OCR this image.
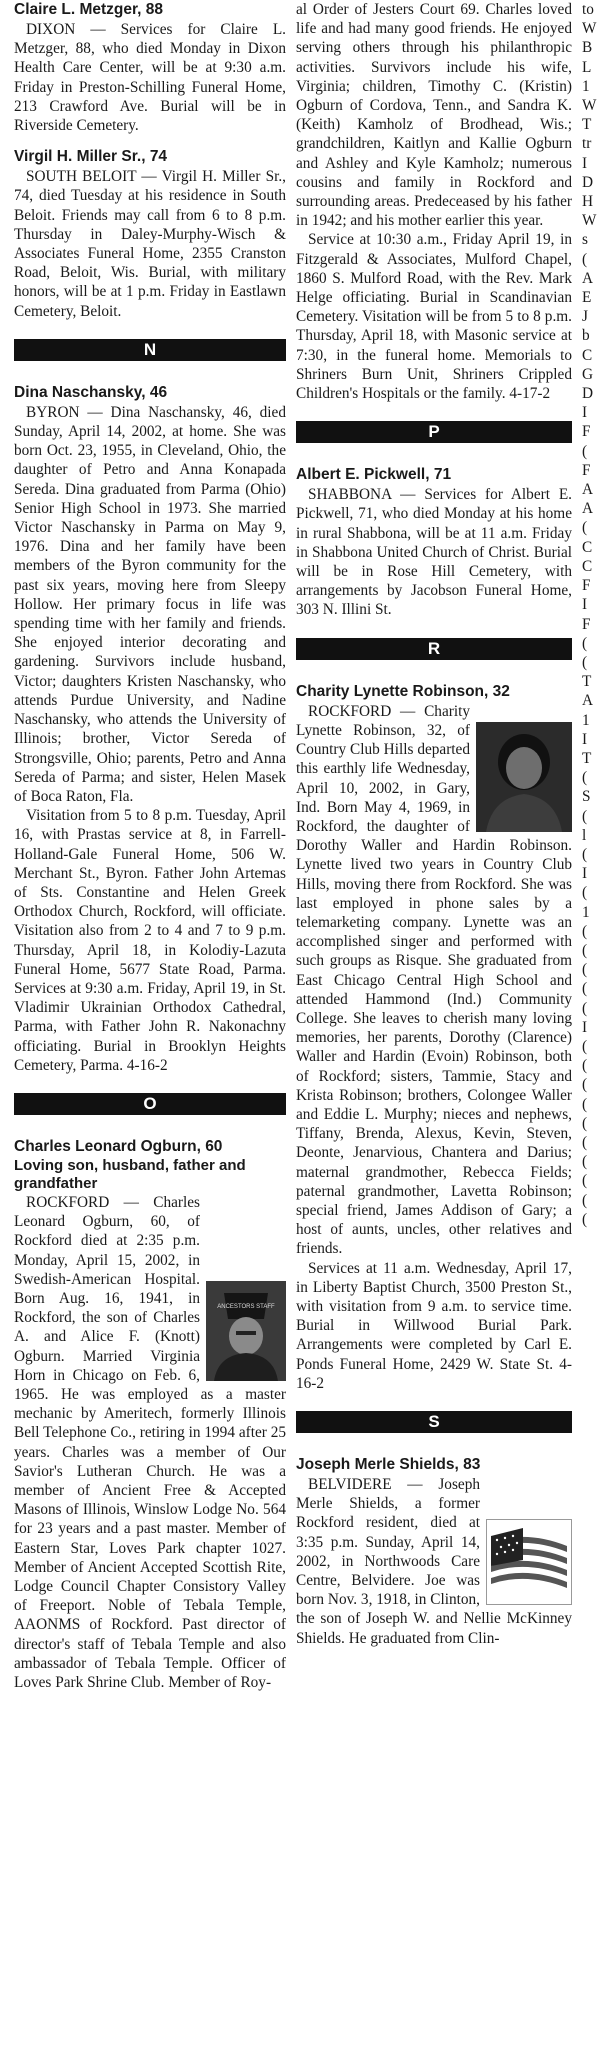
Claire L. Metzger, 88

DIXON — Services for Claire L. Metzger, 88, who died Monday in Dixon Health Care Center, will be at 9:30 a.m. Friday in Preston-Schilling Funeral Home, 213 Crawford Ave. Burial will be in Riverside Cemetery.

Virgil H. Miller Sr., 74

SOUTH BELOIT — Virgil H. Miller Sr., 74, died Tuesday at his residence in South Beloit. Friends may call from 6 to 8 p.m. Thursday in Daley-Murphy-Wisch & Associates Funeral Home, 2355 Cranston Road, Beloit, Wis. Burial, with military honors, will be at 1 p.m. Friday in Eastlawn Cemetery, Beloit.

N
Dina Naschansky, 46

BYRON — Dina Naschansky, 46, died Sunday, April 14, 2002, at home. She was born Oct. 23, 1955, in Cleveland, Ohio, the daughter of Petro and Anna Konapada Sereda. Dina graduated from Parma (Ohio) Senior High School in 1973. She married Victor Naschansky in Parma on May 9, 1976. Dina and her family have been members of the Byron community for the past six years, moving here from Sleepy Hollow. Her primary focus in life was spending time with her family and friends. She enjoyed interior decorating and gardening. Survivors include husband, Victor; daughters Kristen Naschansky, who attends Purdue University, and Nadine Naschansky, who attends the University of Illinois; brother, Victor Sereda of Strongsville, Ohio; parents, Petro and Anna Sereda of Parma; and sister, Helen Masek of Boca Raton, Fla.

Visitation from 5 to 8 p.m. Tuesday, April 16, with Prastas service at 8, in Farrell-Holland-Gale Funeral Home, 506 W. Merchant St., Byron. Father John Artemas of Sts. Constantine and Helen Greek Orthodox Church, Rockford, will officiate. Visitation also from 2 to 4 and 7 to 9 p.m. Thursday, April 18, in Kolodiy-Lazuta Funeral Home, 5677 State Road, Parma. Services at 9:30 a.m. Friday, April 19, in St. Vladimir Ukrainian Orthodox Cathedral, Parma, with Father John R. Nakonachny officiating. Burial in Brooklyn Heights Cemetery, Parma. 4-16-2

O
Charles Leonard Ogburn, 60
Loving son, husband, father and grandfather
ANCESTORS STAFF

ROCKFORD — Charles Leonard Ogburn, 60, of Rockford died at 2:35 p.m. Monday, April 15, 2002, in Swedish-American Hospital. Born Aug. 16, 1941, in Rockford, the son of Charles A. and Alice F. (Knott) Ogburn. Married Virginia Horn in Chicago on Feb. 6, 1965. He was employed as a master mechanic by Ameritech, formerly Illinois Bell Telephone Co., retiring in 1994 after 25 years. Charles was a member of Our Savior's Lutheran Church. He was a member of Ancient Free & Accepted Masons of Illinois, Winslow Lodge No. 564 for 23 years and a past master. Member of Eastern Star, Loves Park chapter 1027. Member of Ancient Accepted Scottish Rite, Lodge Council Chapter Consistory Valley of Freeport. Noble of Tebala Temple, AAONMS of Rockford. Past director of director's staff of Tebala Temple and also ambassador of Tebala Temple. Officer of Loves Park Shrine Club. Member of Roy-

al Order of Jesters Court 69. Charles loved life and had many good friends. He enjoyed serving others through his philanthropic activities. Survivors include his wife, Virginia; children, Timothy C. (Kristin) Ogburn of Cordova, Tenn., and Sandra K. (Keith) Kamholz of Brodhead, Wis.; grandchildren, Kaitlyn and Kallie Ogburn and Ashley and Kyle Kamholz; numerous cousins and family in Rockford and surrounding areas. Predeceased by his father in 1942; and his mother earlier this year.

Service at 10:30 a.m., Friday April 19, in Fitzgerald & Associates, Mulford Chapel, 1860 S. Mulford Road, with the Rev. Mark Helge officiating. Burial in Scandinavian Cemetery. Visitation will be from 5 to 8 p.m. Thursday, April 18, with Masonic service at 7:30, in the funeral home. Memorials to Shriners Burn Unit, Shriners Crippled Children's Hospitals or the family. 4-17-2

P
Albert E. Pickwell, 71

SHABBONA — Services for Albert E. Pickwell, 71, who died Monday at his home in rural Shabbona, will be at 11 a.m. Friday in Shabbona United Church of Christ. Burial will be in Rose Hill Cemetery, with arrangements by Jacobson Funeral Home, 303 N. Illini St.

R
Charity Lynette Robinson, 32

ROCKFORD — Charity Lynette Robinson, 32, of Country Club Hills departed this earthly life Wednesday, April 10, 2002, in Gary, Ind. Born May 4, 1969, in Rockford, the daughter of Dorothy Waller and Hardin Robinson. Lynette lived two years in Country Club Hills, moving there from Rockford. She was last employed in phone sales by a telemarketing company. Lynette was an accomplished singer and performed with such groups as Risque. She graduated from East Chicago Central High School and attended Hammond (Ind.) Community College. She leaves to cherish many loving memories, her parents, Dorothy (Clarence) Waller and Hardin (Evoin) Robinson, both of Rockford; sisters, Tammie, Stacy and Krista Robinson; brothers, Colongee Waller and Eddie L. Murphy; nieces and nephews, Tiffany, Brenda, Alexus, Kevin, Steven, Deonte, Jenarvious, Chantera and Darius; maternal grandmother, Rebecca Fields; paternal grandmother, Lavetta Robinson; special friend, James Addison of Gary; a host of aunts, uncles, other relatives and friends.

Services at 11 a.m. Wednesday, April 17, in Liberty Baptist Church, 3500 Preston St., with visitation from 9 a.m. to service time. Burial in Willwood Burial Park. Arrangements were completed by Carl E. Ponds Funeral Home, 2429 W. State St. 4-16-2

S
Joseph Merle Shields, 83

BELVIDERE — Joseph Merle Shields, a former Rockford resident, died at 3:35 p.m. Sunday, April 14, 2002, in Northwoods Care Centre, Belvidere. Joe was born Nov. 3, 1918, in Clinton, the son of Joseph W. and Nellie McKinney Shields. He graduated from Clin-

to
W
B
L
1
W
T
tr
I
D
H
W
s
(
A
E
J
b
C
G
D
I
F
(
F
A
A
(
C
C
F
I
F
(
(
T
A
1
I
T
(
S
(
l
(
I
(
1
(
(
(
(
(
I
(
(
(
(
(
(
(
(
(
(
